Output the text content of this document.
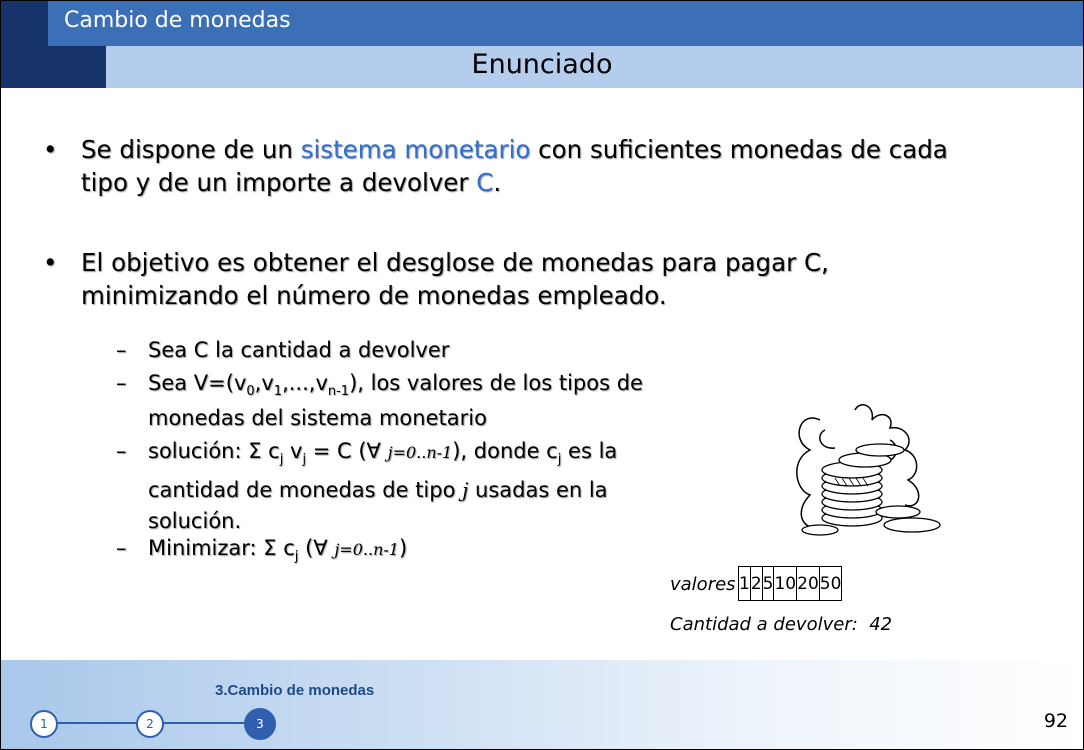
Cambio de monedas
Enunciado
• Se dispone de un sistema monetario con suficientes monedas de cada tipo y de un importe a devolver C.
• El objetivo es obtener el desglose de monedas para pagar C, minimizando el número de monedas empleado.
– Sea C la cantidad a devolver
– Sea $V=(v_0,v_1,...,v_{n-1})$, los valores de los tipos de monedas del sistema monetario
– solución: Σ $c_j$ $v_j = C$ (∀ j=0..n-1), donde $c_j$ es la cantidad de monedas de tipo j usadas en la solución.
– Minimizar: Σ $c_j$ (∀ j=0..n-1)
valores 1	2	5	10	20	50
Cantidad a devolver: 42
3.Cambio de monedas
1	2	3	92
